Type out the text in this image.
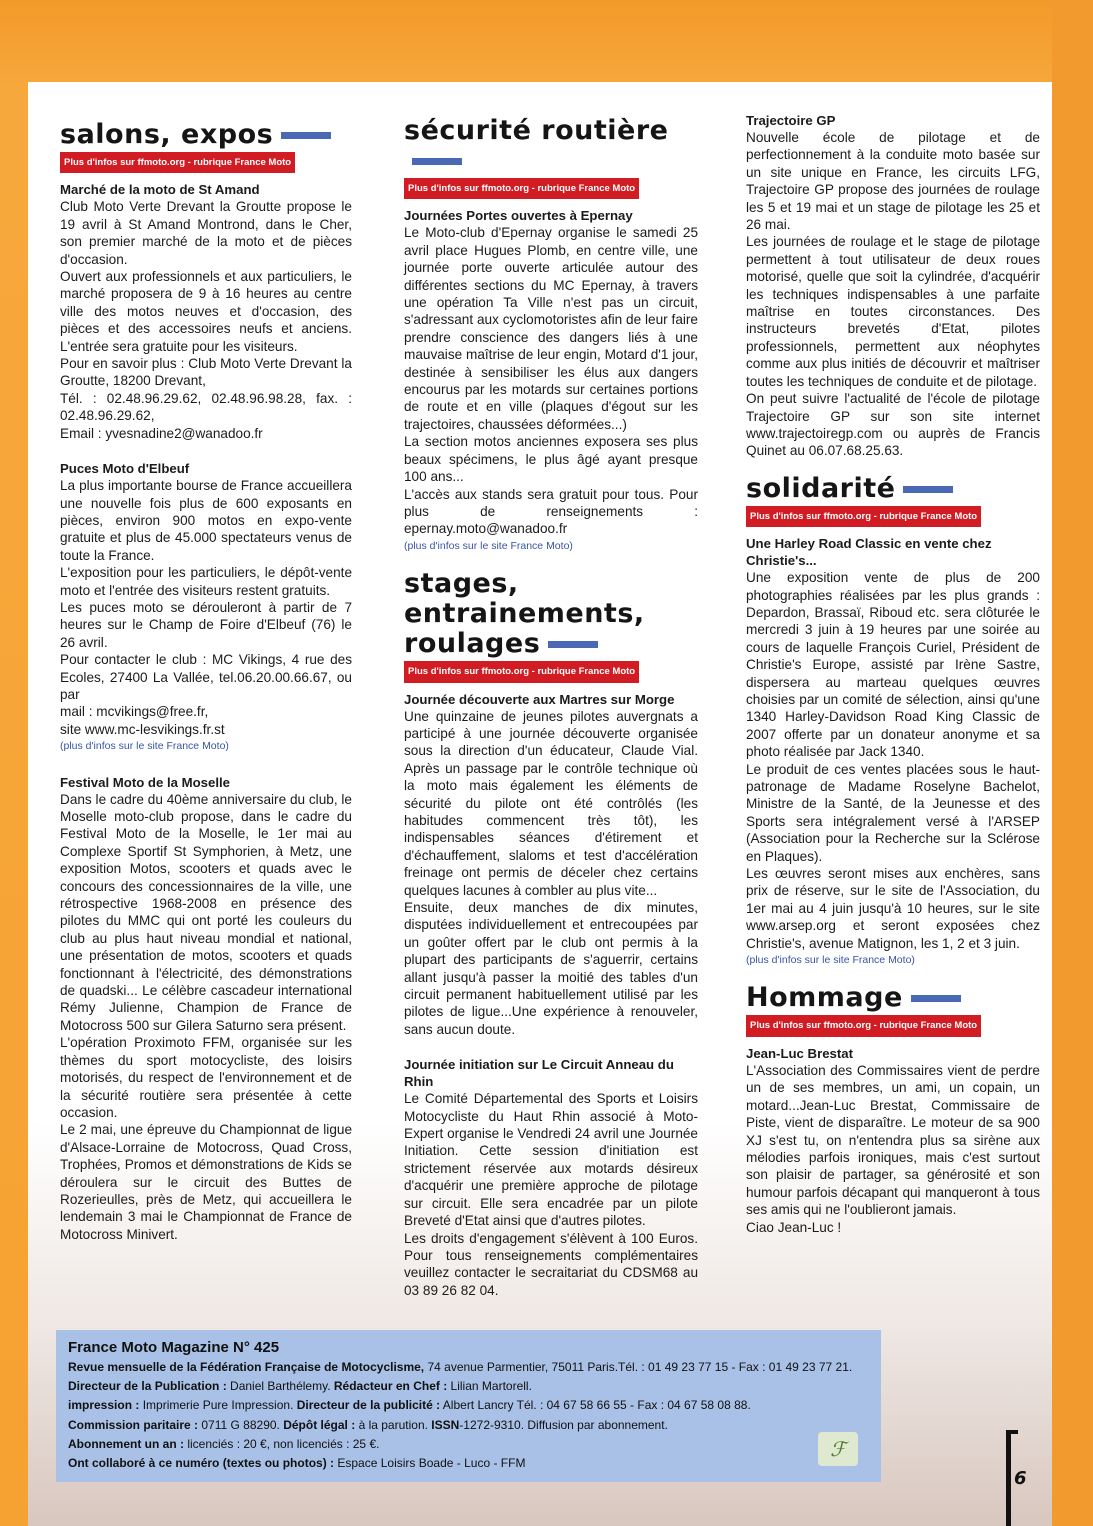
salons, expos
Plus d'infos sur ffmoto.org - rubrique France Moto
Marché de la moto de St Amand

Club Moto Verte Drevant la Groutte propose le 19 avril à St Amand Montrond, dans le Cher, son premier marché de la moto et de pièces d'occasion.

Ouvert aux professionnels et aux particuliers, le marché proposera de 9 à 16 heures au centre ville des motos neuves et d'occasion, des pièces et des accessoires neufs et anciens. L'entrée sera gratuite pour les visiteurs.

Pour en savoir plus : Club Moto Verte Drevant la Groutte, 18200 Drevant,

Tél. : 02.48.96.29.62, 02.48.96.98.28, fax. : 02.48.96.29.62,

Email : yvesnadine2@wanadoo.fr

Puces Moto d'Elbeuf

La plus importante bourse de France accueillera une nouvelle fois plus de 600 exposants en pièces, environ 900 motos en expo-vente gratuite et plus de 45.000 spectateurs venus de toute la France.

L'exposition pour les particuliers, le dépôt-vente moto et l'entrée des visiteurs restent gratuits.

Les puces moto se dérouleront à partir de 7 heures sur le Champ de Foire d'Elbeuf (76) le 26 avril.

Pour contacter le club : MC Vikings, 4 rue des Ecoles, 27400 La Vallée, tel.06.20.00.66.67, ou par

mail : mcvikings@free.fr,

site www.mc-lesvikings.fr.st

(plus d'infos sur le site France Moto)

Festival Moto de la Moselle

Dans le cadre du 40ème anniversaire du club, le Moselle moto-club propose, dans le cadre du Festival Moto de la Moselle, le 1er mai au Complexe Sportif St Symphorien, à Metz, une exposition Motos, scooters et quads avec le concours des concessionnaires de la ville, une rétrospective 1968-2008 en présence des pilotes du MMC qui ont porté les couleurs du club au plus haut niveau mondial et national, une présentation de motos, scooters et quads fonctionnant à l'électricité, des démonstrations de quadski... Le célèbre cascadeur international Rémy Julienne, Champion de France de Motocross 500 sur Gilera Saturno sera présent.

L'opération Proximoto FFM, organisée sur les thèmes du sport motocycliste, des loisirs motorisés, du respect de l'environnement et de la sécurité routière sera présentée à cette occasion.

Le 2 mai, une épreuve du Championnat de ligue d'Alsace-Lorraine de Motocross, Quad Cross, Trophées, Promos et démonstrations de Kids se déroulera sur le circuit des Buttes de Rozerieulles, près de Metz, qui accueillera le lendemain 3 mai le Championnat de France de Motocross Minivert.

sécurité routière
Plus d'infos sur ffmoto.org - rubrique France Moto
Journées Portes ouvertes à Epernay

Le Moto-club d'Epernay organise le samedi 25 avril place Hugues Plomb, en centre ville, une journée porte ouverte articulée autour des différentes sections du MC Epernay, à travers une opération Ta Ville n'est pas un circuit, s'adressant aux cyclomotoristes afin de leur faire prendre conscience des dangers liés à une mauvaise maîtrise de leur engin, Motard d'1 jour, destinée à sensibiliser les élus aux dangers encourus par les motards sur certaines portions de route et en ville (plaques d'égout sur les trajectoires, chaussées déformées...)

La section motos anciennes exposera ses plus beaux spécimens, le plus âgé ayant presque 100 ans...

L'accès aux stands sera gratuit pour tous. Pour plus de renseignements : epernay.moto@wanadoo.fr

(plus d'infos sur le site France Moto)

stages, entrainements, roulages
Plus d'infos sur ffmoto.org - rubrique France Moto
Journée découverte aux Martres sur Morge

Une quinzaine de jeunes pilotes auvergnats a participé à une journée découverte organisée sous la direction d'un éducateur, Claude Vial. Après un passage par le contrôle technique où la moto mais également les éléments de sécurité du pilote ont été contrôlés (les habitudes commencent très tôt), les indispensables séances d'étirement et d'échauffement, slaloms et test d'accélération freinage ont permis de déceler chez certains quelques lacunes à combler au plus vite...

Ensuite, deux manches de dix minutes, disputées individuellement et entrecoupées par un goûter offert par le club ont permis à la plupart des participants de s'aguerrir, certains allant jusqu'à passer la moitié des tables d'un circuit permanent habituellement utilisé par les pilotes de ligue...Une expérience à renouveler, sans aucun doute.

Journée initiation sur Le Circuit Anneau du Rhin

Le Comité Départemental des Sports et Loisirs Motocycliste du Haut Rhin associé à Moto-Expert organise le Vendredi 24 avril une Journée Initiation. Cette session d'initiation est strictement réservée aux motards désireux d'acquérir une première approche de pilotage sur circuit. Elle sera encadrée par un pilote Breveté d'Etat ainsi que d'autres pilotes.

Les droits d'engagement s'élèvent à 100 Euros. Pour tous renseignements complémentaires veuillez contacter le secraitariat du CDSM68 au 03 89 26 82 04.

Trajectoire GP

Nouvelle école de pilotage et de perfectionnement à la conduite moto basée sur un site unique en France, les circuits LFG, Trajectoire GP propose des journées de roulage les 5 et 19 mai et un stage de pilotage les 25 et 26 mai.

Les journées de roulage et le stage de pilotage permettent à tout utilisateur de deux roues motorisé, quelle que soit la cylindrée, d'acquérir les techniques indispensables à une parfaite maîtrise en toutes circonstances. Des instructeurs brevetés d'Etat, pilotes professionnels, permettent aux néophytes comme aux plus initiés de découvrir et maîtriser toutes les techniques de conduite et de pilotage.

On peut suivre l'actualité de l'école de pilotage Trajectoire GP sur son site internet www.trajectoiregp.com ou auprès de Francis Quinet au 06.07.68.25.63.

solidarité
Plus d'infos sur ffmoto.org - rubrique France Moto
Une Harley Road Classic en vente chez Christie's...

Une exposition vente de plus de 200 photographies réalisées par les plus grands : Depardon, Brassaï, Riboud etc. sera clôturée le mercredi 3 juin à 19 heures par une soirée au cours de laquelle François Curiel, Président de Christie's Europe, assisté par Irène Sastre, dispersera au marteau quelques œuvres choisies par un comité de sélection, ainsi qu'une 1340 Harley-Davidson Road King Classic de 2007 offerte par un donateur anonyme et sa photo réalisée par Jack 1340.

Le produit de ces ventes placées sous le haut-patronage de Madame Roselyne Bachelot, Ministre de la Santé, de la Jeunesse et des Sports sera intégralement versé à l'ARSEP (Association pour la Recherche sur la Sclérose en Plaques).

Les œuvres seront mises aux enchères, sans prix de réserve, sur le site de l'Association, du 1er mai au 4 juin jusqu'à 10 heures, sur le site www.arsep.org et seront exposées chez Christie's, avenue Matignon, les 1, 2 et 3 juin.

(plus d'infos sur le site France Moto)

Hommage
Plus d'infos sur ffmoto.org - rubrique France Moto
Jean-Luc Brestat

L'Association des Commissaires vient de perdre un de ses membres, un ami, un copain, un motard...Jean-Luc Brestat, Commissaire de Piste, vient de disparaître. Le moteur de sa 900 XJ s'est tu, on n'entendra plus sa sirène aux mélodies parfois ironiques, mais c'est surtout son plaisir de partager, sa générosité et son humour parfois décapant qui manqueront à tous ses amis qui ne l'oublieront jamais.

Ciao Jean-Luc !

France Moto Magazine N° 425
Revue mensuelle de la Fédération Française de Motocyclisme, 74 avenue Parmentier, 75011 Paris.Tél. : 01 49 23 77 15 - Fax : 01 49 23 77 21.
Directeur de la Publication : Daniel Barthélemy. Rédacteur en Chef : Lilian Martorell.
impression : Imprimerie Pure Impression. Directeur de la publicité : Albert Lancry Tél. : 04 67 58 66 55 - Fax : 04 67 58 08 88.
Commission paritaire : 0711 G 88290. Dépôt légal : à la parution. ISSN-1272-9310. Diffusion par abonnement.
Abonnement un an : licenciés : 20 €, non licenciés : 25 €.
Ont collaboré à ce numéro (textes ou photos) : Espace Loisirs Boade - Luco - FFM
ℱ
6
